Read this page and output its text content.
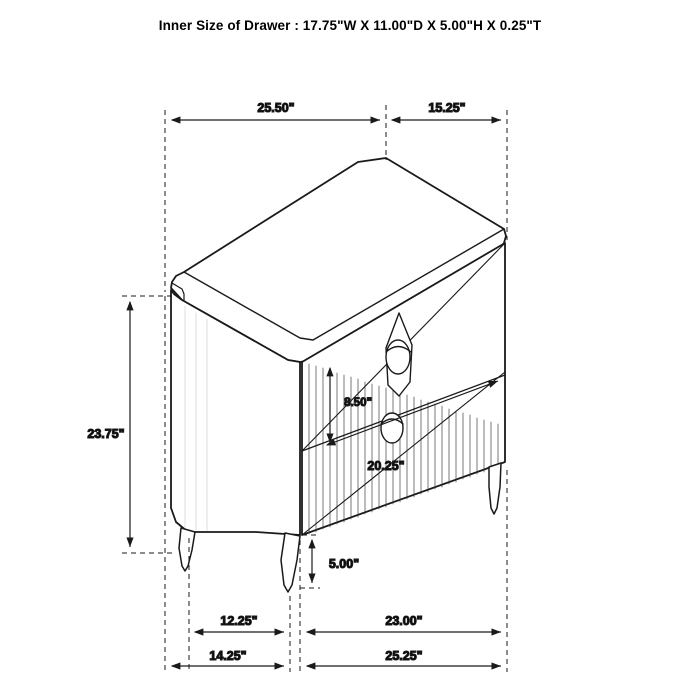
Inner Size of Drawer : 17.75"W X 11.00"D X 5.00"H X 0.25"T
25.50"	15.25"
23.75"
8.50"
20.25"
5.00"
12.25"	23.00"
14.25"	25.25"
